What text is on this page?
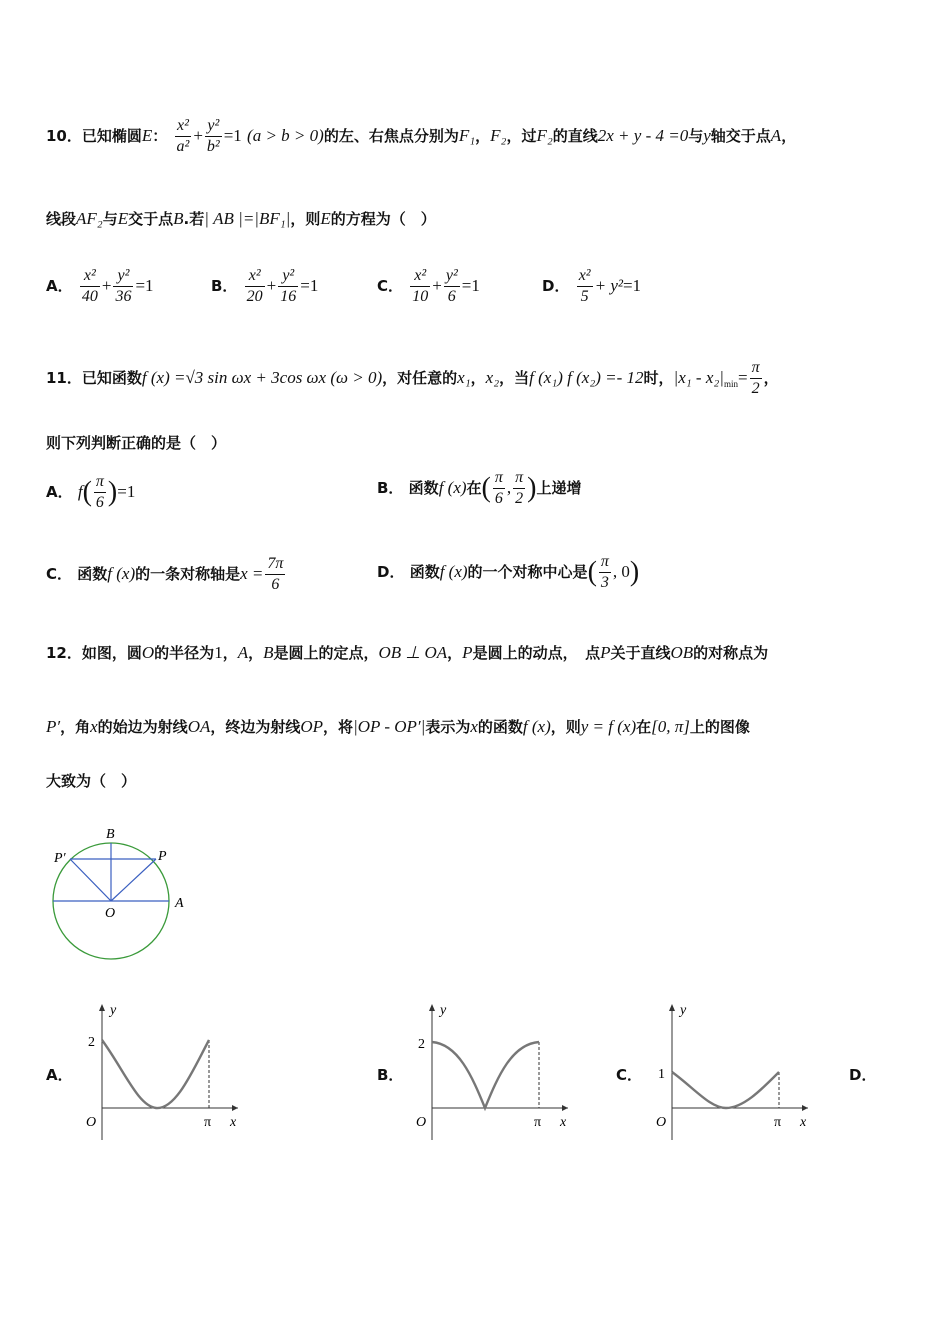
10．已知椭圆E： $\frac{\text{x²}}{\text{a²}} + \frac{\text{y²}}{\text{b²}} =1$ (a > b > 0)的左、右焦点分别为F₁，F₂，过F₂的直线2x + y - 4 =0与y轴交于点A，
线段AF₂与E交于点B.若| AB |=|BF₁|，则E的方程为（　）
A． $\frac{\text{x²}}{40} + \frac{\text{y²}}{36} =1$	B． $\frac{\text{x²}}{20} + \frac{\text{y²}}{16} =1$	C． $\frac{\text{x²}}{10} + \frac{\text{y²}}{6} =1$	D． $\frac{\text{x²}}{5} + y^2=1$
11．已知函数f (x) =√3 sin ωx + 3cos ωx (ω > 0)，对任意的x₁，x₂，当f (x₁) f (x₂) =- 12时，$|x_1 - x_2|_{min}= \frac{\pi}{2}$ ，
则下列判断正确的是（　）
A． $f( \frac{\pi}{6} )=1$	B． 函数f (x)在( $\frac{\pi}{6}$ , $\frac{\pi}{2}$ )上递增
C． 函数f (x)的一条对称轴是$x = \frac{7\pi}{6}$	D． 函数f (x)的一个对称中心是( $\frac{\pi}{3}$ , 0)
12．如图，圆O的半径为1，A，B是圆上的定点，OB ⊥ OA，P是圆上的动点，　点P关于直线OB的对称点为
P′，角x的始边为射线OA，终边为射线OP，将|OP - OP′|表示为x的函数f (x)，则y = f (x)在[0, π]上的图像
大致为（　）
B
P′	P
O
A
A．
y
2
O	π x
B．
y
2
O	π x
C．
y
1
O	π x
D．
